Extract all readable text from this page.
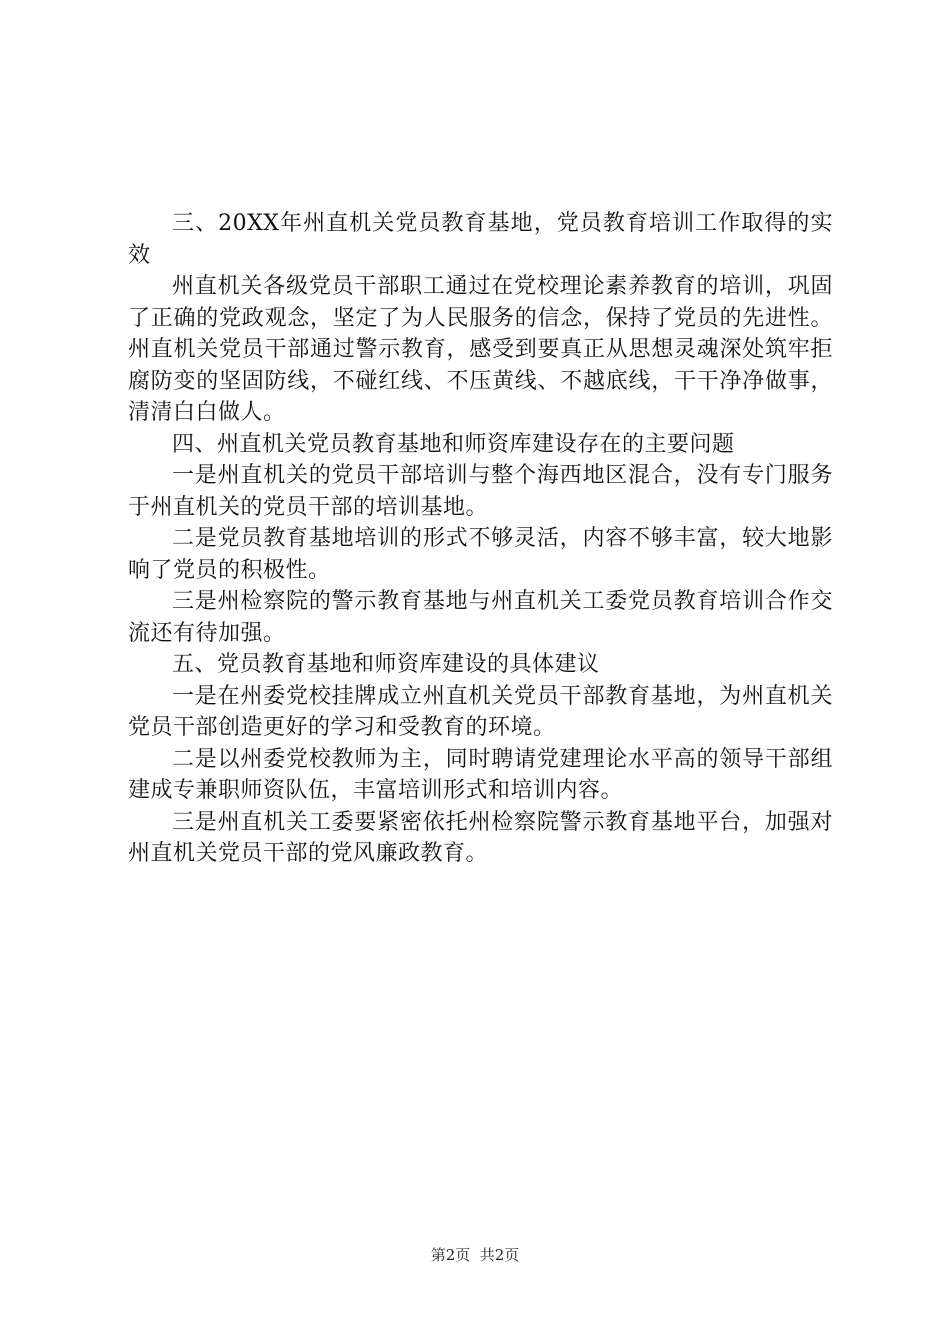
三、20XX年州直机关党员教育基地，党员教育培训工作取得的实效

州直机关各级党员干部职工通过在党校理论素养教育的培训，巩固了正确的党政观念，坚定了为人民服务的信念，保持了党员的先进性。州直机关党员干部通过警示教育，感受到要真正从思想灵魂深处筑牢拒腐防变的坚固防线，不碰红线、不压黄线、不越底线，干干净净做事，清清白白做人。

四、州直机关党员教育基地和师资库建设存在的主要问题

一是州直机关的党员干部培训与整个海西地区混合，没有专门服务于州直机关的党员干部的培训基地。

二是党员教育基地培训的形式不够灵活，内容不够丰富，较大地影响了党员的积极性。

三是州检察院的警示教育基地与州直机关工委党员教育培训合作交流还有待加强。

五、党员教育基地和师资库建设的具体建议

一是在州委党校挂牌成立州直机关党员干部教育基地，为州直机关党员干部创造更好的学习和受教育的环境。

二是以州委党校教师为主，同时聘请党建理论水平高的领导干部组建成专兼职师资队伍，丰富培训形式和培训内容。

三是州直机关工委要紧密依托州检察院警示教育基地平台，加强对州直机关党员干部的党风廉政教育。

第2页  共2页
